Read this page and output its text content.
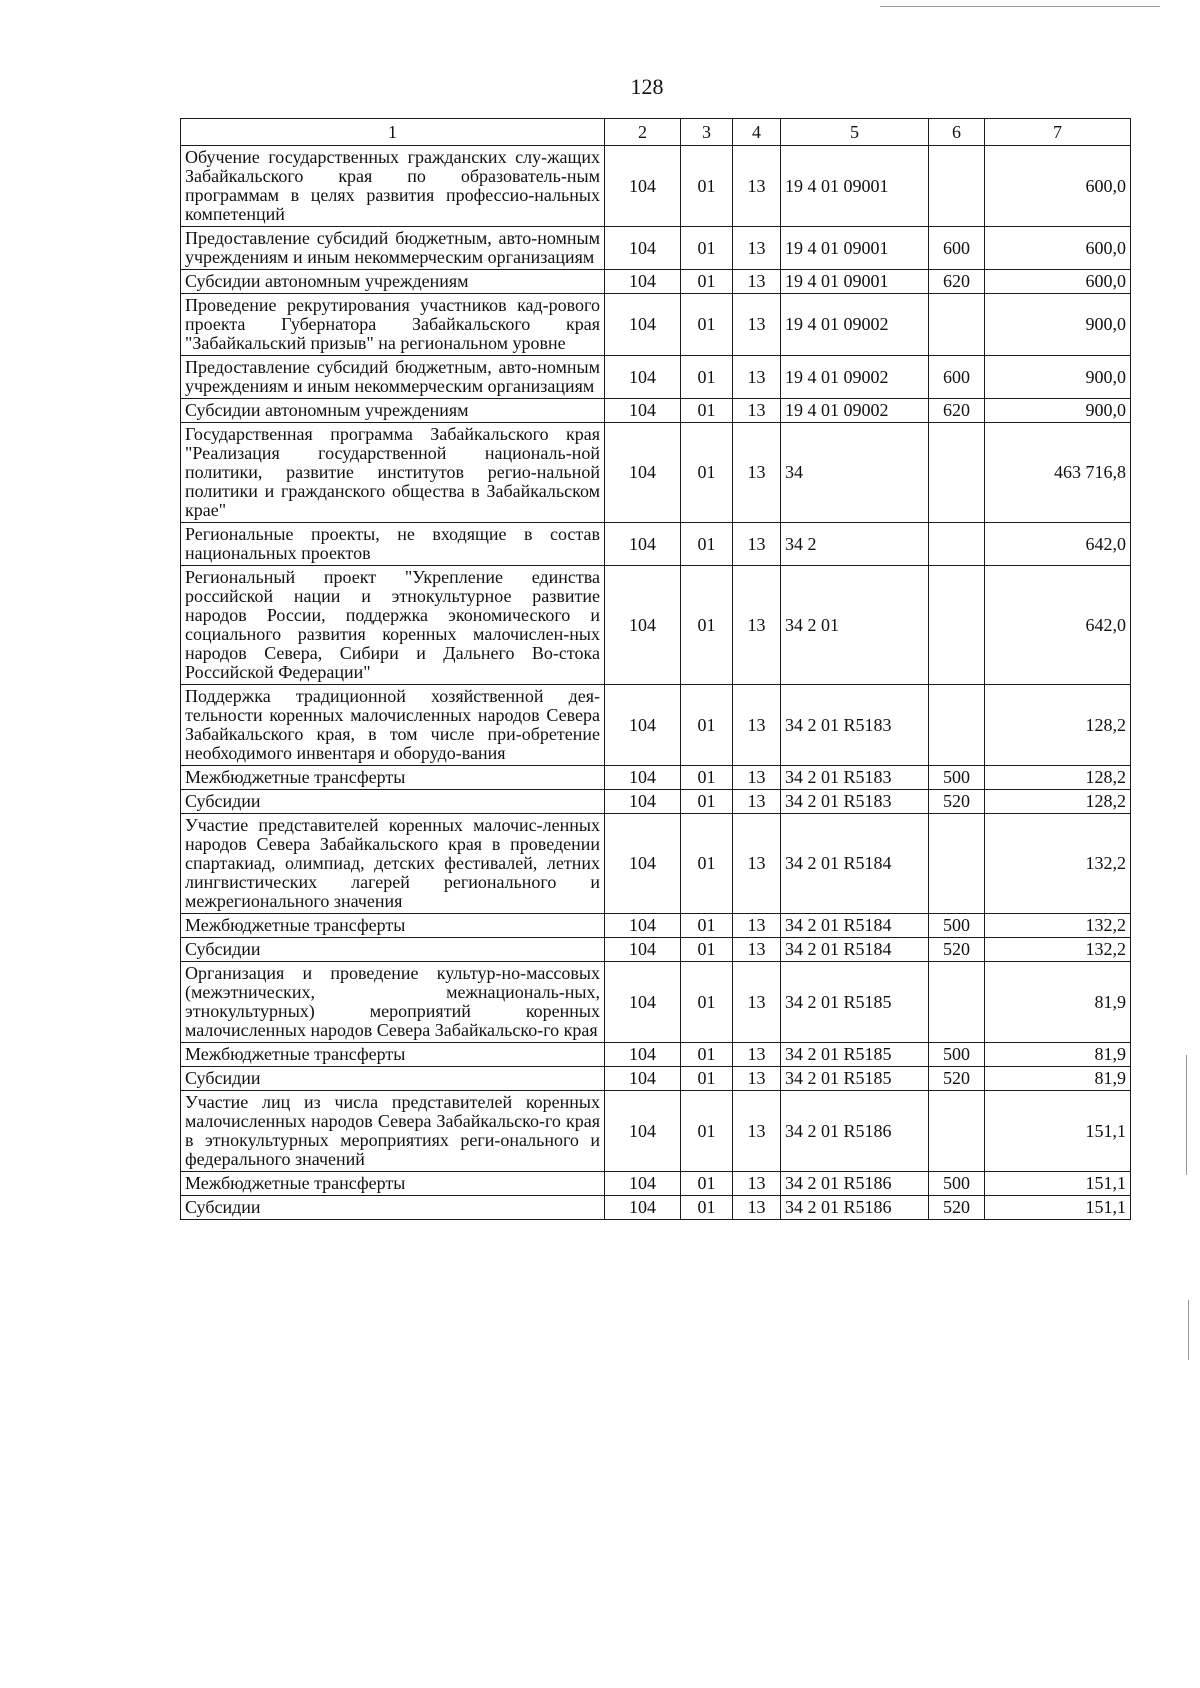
128
1	2	3	4	5	6	7
Обучение государственных гражданских слу-жащих Забайкальского края по образователь-ным программам в целях развития профессио-нальных компетенций	104	01	13	19 4 01 09001		600,0
Предоставление субсидий бюджетным, авто-номным учреждениям и иным некоммерческим организациям	104	01	13	19 4 01 09001	600	600,0
Субсидии автономным учреждениям	104	01	13	19 4 01 09001	620	600,0
Проведение рекрутирования участников кад-рового проекта Губернатора Забайкальского края "Забайкальский призыв" на региональном уровне	104	01	13	19 4 01 09002		900,0
Предоставление субсидий бюджетным, авто-номным учреждениям и иным некоммерческим организациям	104	01	13	19 4 01 09002	600	900,0
Субсидии автономным учреждениям	104	01	13	19 4 01 09002	620	900,0
Государственная программа Забайкальского края "Реализация государственной националь-ной политики, развитие институтов регио-нальной политики и гражданского общества в Забайкальском крае"	104	01	13	34		463 716,8
Региональные проекты, не входящие в состав национальных проектов	104	01	13	34 2		642,0
Региональный проект "Укрепление единства российской нации и этнокультурное развитие народов России, поддержка экономического и социального развития коренных малочислен-ных народов Севера, Сибири и Дальнего Во-стока Российской Федерации"	104	01	13	34 2 01		642,0
Поддержка традиционной хозяйственной дея-тельности коренных малочисленных народов Севера Забайкальского края, в том числе при-обретение необходимого инвентаря и оборудо-вания	104	01	13	34 2 01 R5183		128,2
Межбюджетные трансферты	104	01	13	34 2 01 R5183	500	128,2
Субсидии	104	01	13	34 2 01 R5183	520	128,2
Участие представителей коренных малочис-ленных народов Севера Забайкальского края в проведении спартакиад, олимпиад, детских фестивалей, летних лингвистических лагерей регионального и межрегионального значения	104	01	13	34 2 01 R5184		132,2
Межбюджетные трансферты	104	01	13	34 2 01 R5184	500	132,2
Субсидии	104	01	13	34 2 01 R5184	520	132,2
Организация и проведение культур-но-массовых (межэтнических, межнациональ-ных, этнокультурных) мероприятий коренных малочисленных народов Севера Забайкальско-го края	104	01	13	34 2 01 R5185		81,9
Межбюджетные трансферты	104	01	13	34 2 01 R5185	500	81,9
Субсидии	104	01	13	34 2 01 R5185	520	81,9
Участие лиц из числа представителей коренных малочисленных народов Севера Забайкальско-го края в этнокультурных мероприятиях реги-онального и федерального значений	104	01	13	34 2 01 R5186		151,1
Межбюджетные трансферты	104	01	13	34 2 01 R5186	500	151,1
Субсидии	104	01	13	34 2 01 R5186	520	151,1
